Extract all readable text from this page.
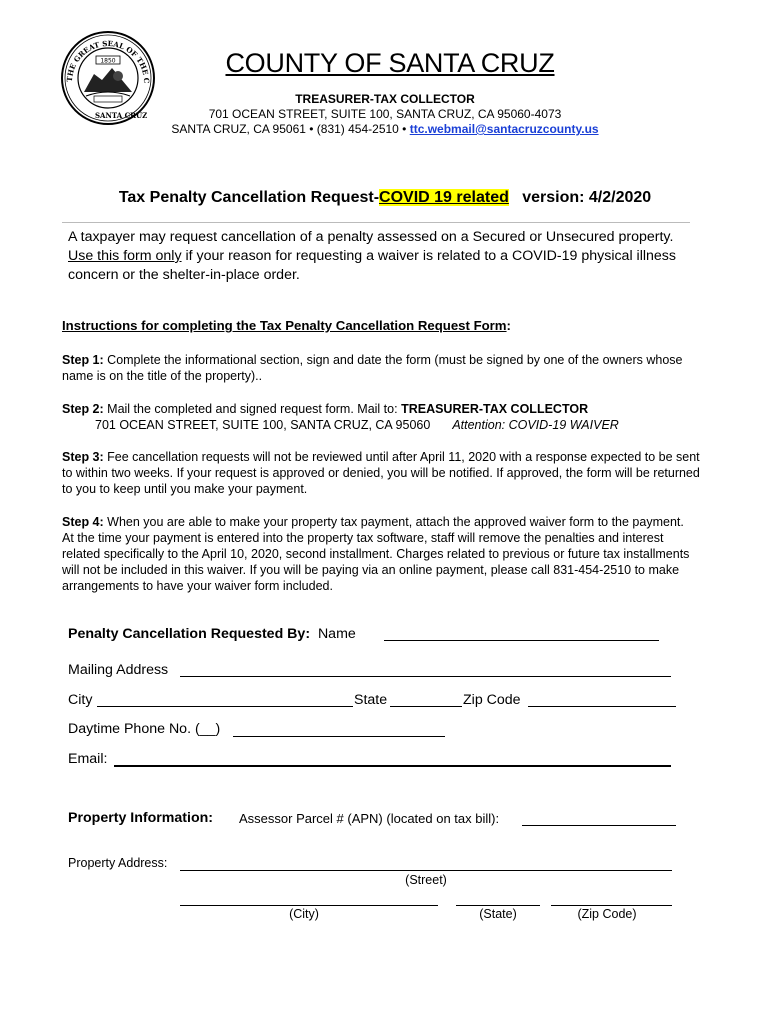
THE GREAT SEAL OF THE C
SANTA CRUZ
1850	COUNTY OF SANTA CRUZ
TREASURER-TAX COLLECTOR
701 OCEAN STREET, SUITE 100, SANTA CRUZ, CA 95060-4073
SANTA CRUZ, CA 95061 • (831) 454-2510 • ttc.webmail@santacruzcounty.us
Tax Penalty Cancellation Request-COVID 19 related   version: 4/2/2020
A taxpayer may request cancellation of a penalty assessed on a Secured or Unsecured property. Use this form only if your reason for requesting a waiver is related to a COVID-19 physical illness concern or the shelter-in-place order.
Instructions for completing the Tax Penalty Cancellation Request Form:
Step 1: Complete the informational section, sign and date the form (must be signed by one of the owners whose name is on the title of the property)..
Step 2: Mail the completed and signed request form. Mail to: TREASURER-TAX COLLECTOR
701 OCEAN STREET, SUITE 100, SANTA CRUZ, CA 95060 Attention: COVID-19 WAIVER
Step 3: Fee cancellation requests will not be reviewed until after April 11, 2020 with a response expected to be sent to within two weeks. If your request is approved or denied, you will be notified. If approved, the form will be returned to you to keep until you make your payment.
Step 4: When you are able to make your property tax payment, attach the approved waiver form to the payment. At the time your payment is entered into the property tax software, staff will remove the penalties and interest related specifically to the April 10, 2020, second installment. Charges related to previous or future tax installments will not be included in this waiver. If you will be paying via an online payment, please call 831-454-2510 to make arrangements to have your waiver form included.
Penalty Cancellation Requested By: Name
Mailing Address
City	State	Zip Code
Daytime Phone No. (__)
Email:
Property Information: Assessor Parcel # (APN) (located on tax bill):
Property Address:
(Street)
(City)	(State)	(Zip Code)
